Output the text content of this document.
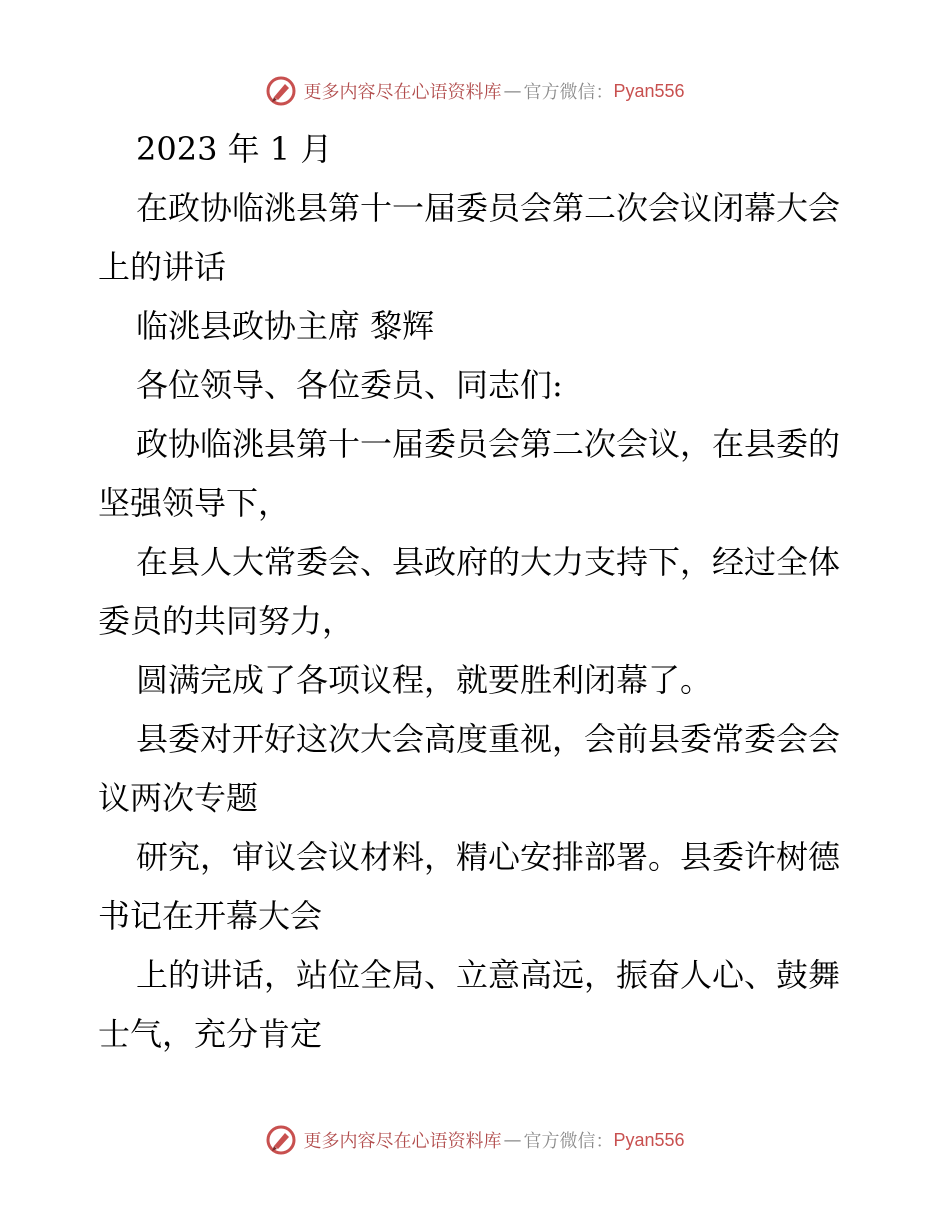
更多内容尽在心语资料库 — 官方微信： Pyan556

2023 年 1 月

在政协临洮县第十一届委员会第二次会议闭幕大会上的讲话

临洮县政协主席 黎辉

各位领导、各位委员、同志们:

政协临洮县第十一届委员会第二次会议，在县委的坚强领导下，

在县人大常委会、县政府的大力支持下，经过全体委员的共同努力，

圆满完成了各项议程，就要胜利闭幕了。

县委对开好这次大会高度重视，会前县委常委会会议两次专题

研究，审议会议材料，精心安排部署。县委许树德书记在开幕大会

上的讲话，站位全局、立意高远，振奋人心、鼓舞士气，充分肯定

更多内容尽在心语资料库 — 官方微信： Pyan556
